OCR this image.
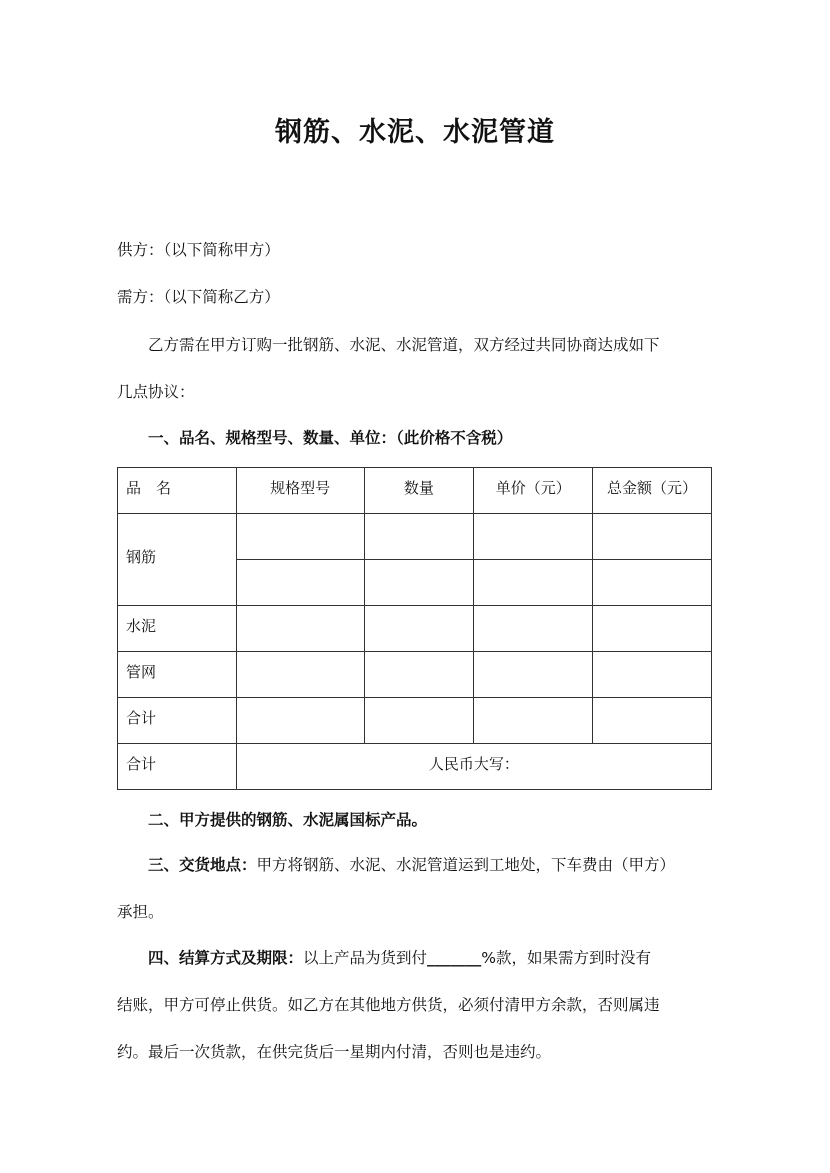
钢筋、水泥、水泥管道
供方：（以下简称甲方）
需方：（以下简称乙方）
乙方需在甲方订购一批钢筋、水泥、水泥管道，双方经过共同协商达成如下
几点协议：
一、品名、规格型号、数量、单位：（此价格不含税）
品　名	规格型号	数量	单价（元）	总金额（元）
钢筋				

水泥				
管网				
合计				
合计	人民币大写：			
二、甲方提供的钢筋、水泥属国标产品。
三、交货地点：甲方将钢筋、水泥、水泥管道运到工地处，下车费由（甲方）
承担。
四、结算方式及期限：以上产品为货到付_______%款，如果需方到时没有
结账，甲方可停止供货。如乙方在其他地方供货，必须付清甲方余款，否则属违
约。最后一次货款，在供完货后一星期内付清，否则也是违约。
